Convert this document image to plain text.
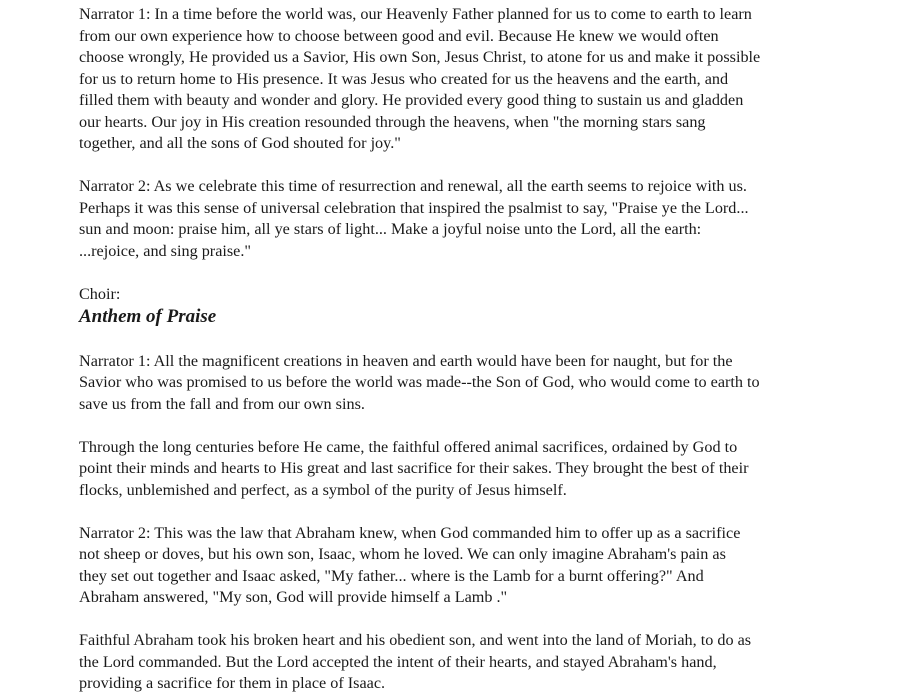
Narrator 1: In a time before the world was, our Heavenly Father planned for us to come to earth to learn

from our own experience how to choose between good and evil. Because He knew we would often

choose wrongly, He provided us a Savior, His own Son, Jesus Christ, to atone for us and make it possible

for us to return home to His presence. It was Jesus who created for us the heavens and the earth, and

filled them with beauty and wonder and glory. He provided every good thing to sustain us and gladden

our hearts. Our joy in His creation resounded through the heavens, when "the morning stars sang

together, and all the sons of God shouted for joy."

Narrator 2: As we celebrate this time of resurrection and renewal, all the earth seems to rejoice with us.

Perhaps it was this sense of universal celebration that inspired the psalmist to say, "Praise ye the Lord...

sun and moon: praise him, all ye stars of light... Make a joyful noise unto the Lord, all the earth:

...rejoice, and sing praise."

Choir:

Anthem of Praise

Narrator 1: All the magnificent creations in heaven and earth would have been for naught, but for the

Savior who was promised to us before the world was made--the Son of God, who would come to earth to

save us from the fall and from our own sins.

Through the long centuries before He came, the faithful offered animal sacrifices, ordained by God to

point their minds and hearts to His great and last sacrifice for their sakes. They brought the best of their

flocks, unblemished and perfect, as a symbol of the purity of Jesus himself.

Narrator 2: This was the law that Abraham knew, when God commanded him to offer up as a sacrifice

not sheep or doves, but his own son, Isaac, whom he loved. We can only imagine Abraham's pain as

they set out together and Isaac asked, "My father... where is the Lamb for a burnt offering?" And

Abraham answered, "My son, God will provide himself a Lamb ."

Faithful Abraham took his broken heart and his obedient son, and went into the land of Moriah, to do as

the Lord commanded. But the Lord accepted the intent of their hearts, and stayed Abraham's hand,

providing a sacrifice for them in place of Isaac.
